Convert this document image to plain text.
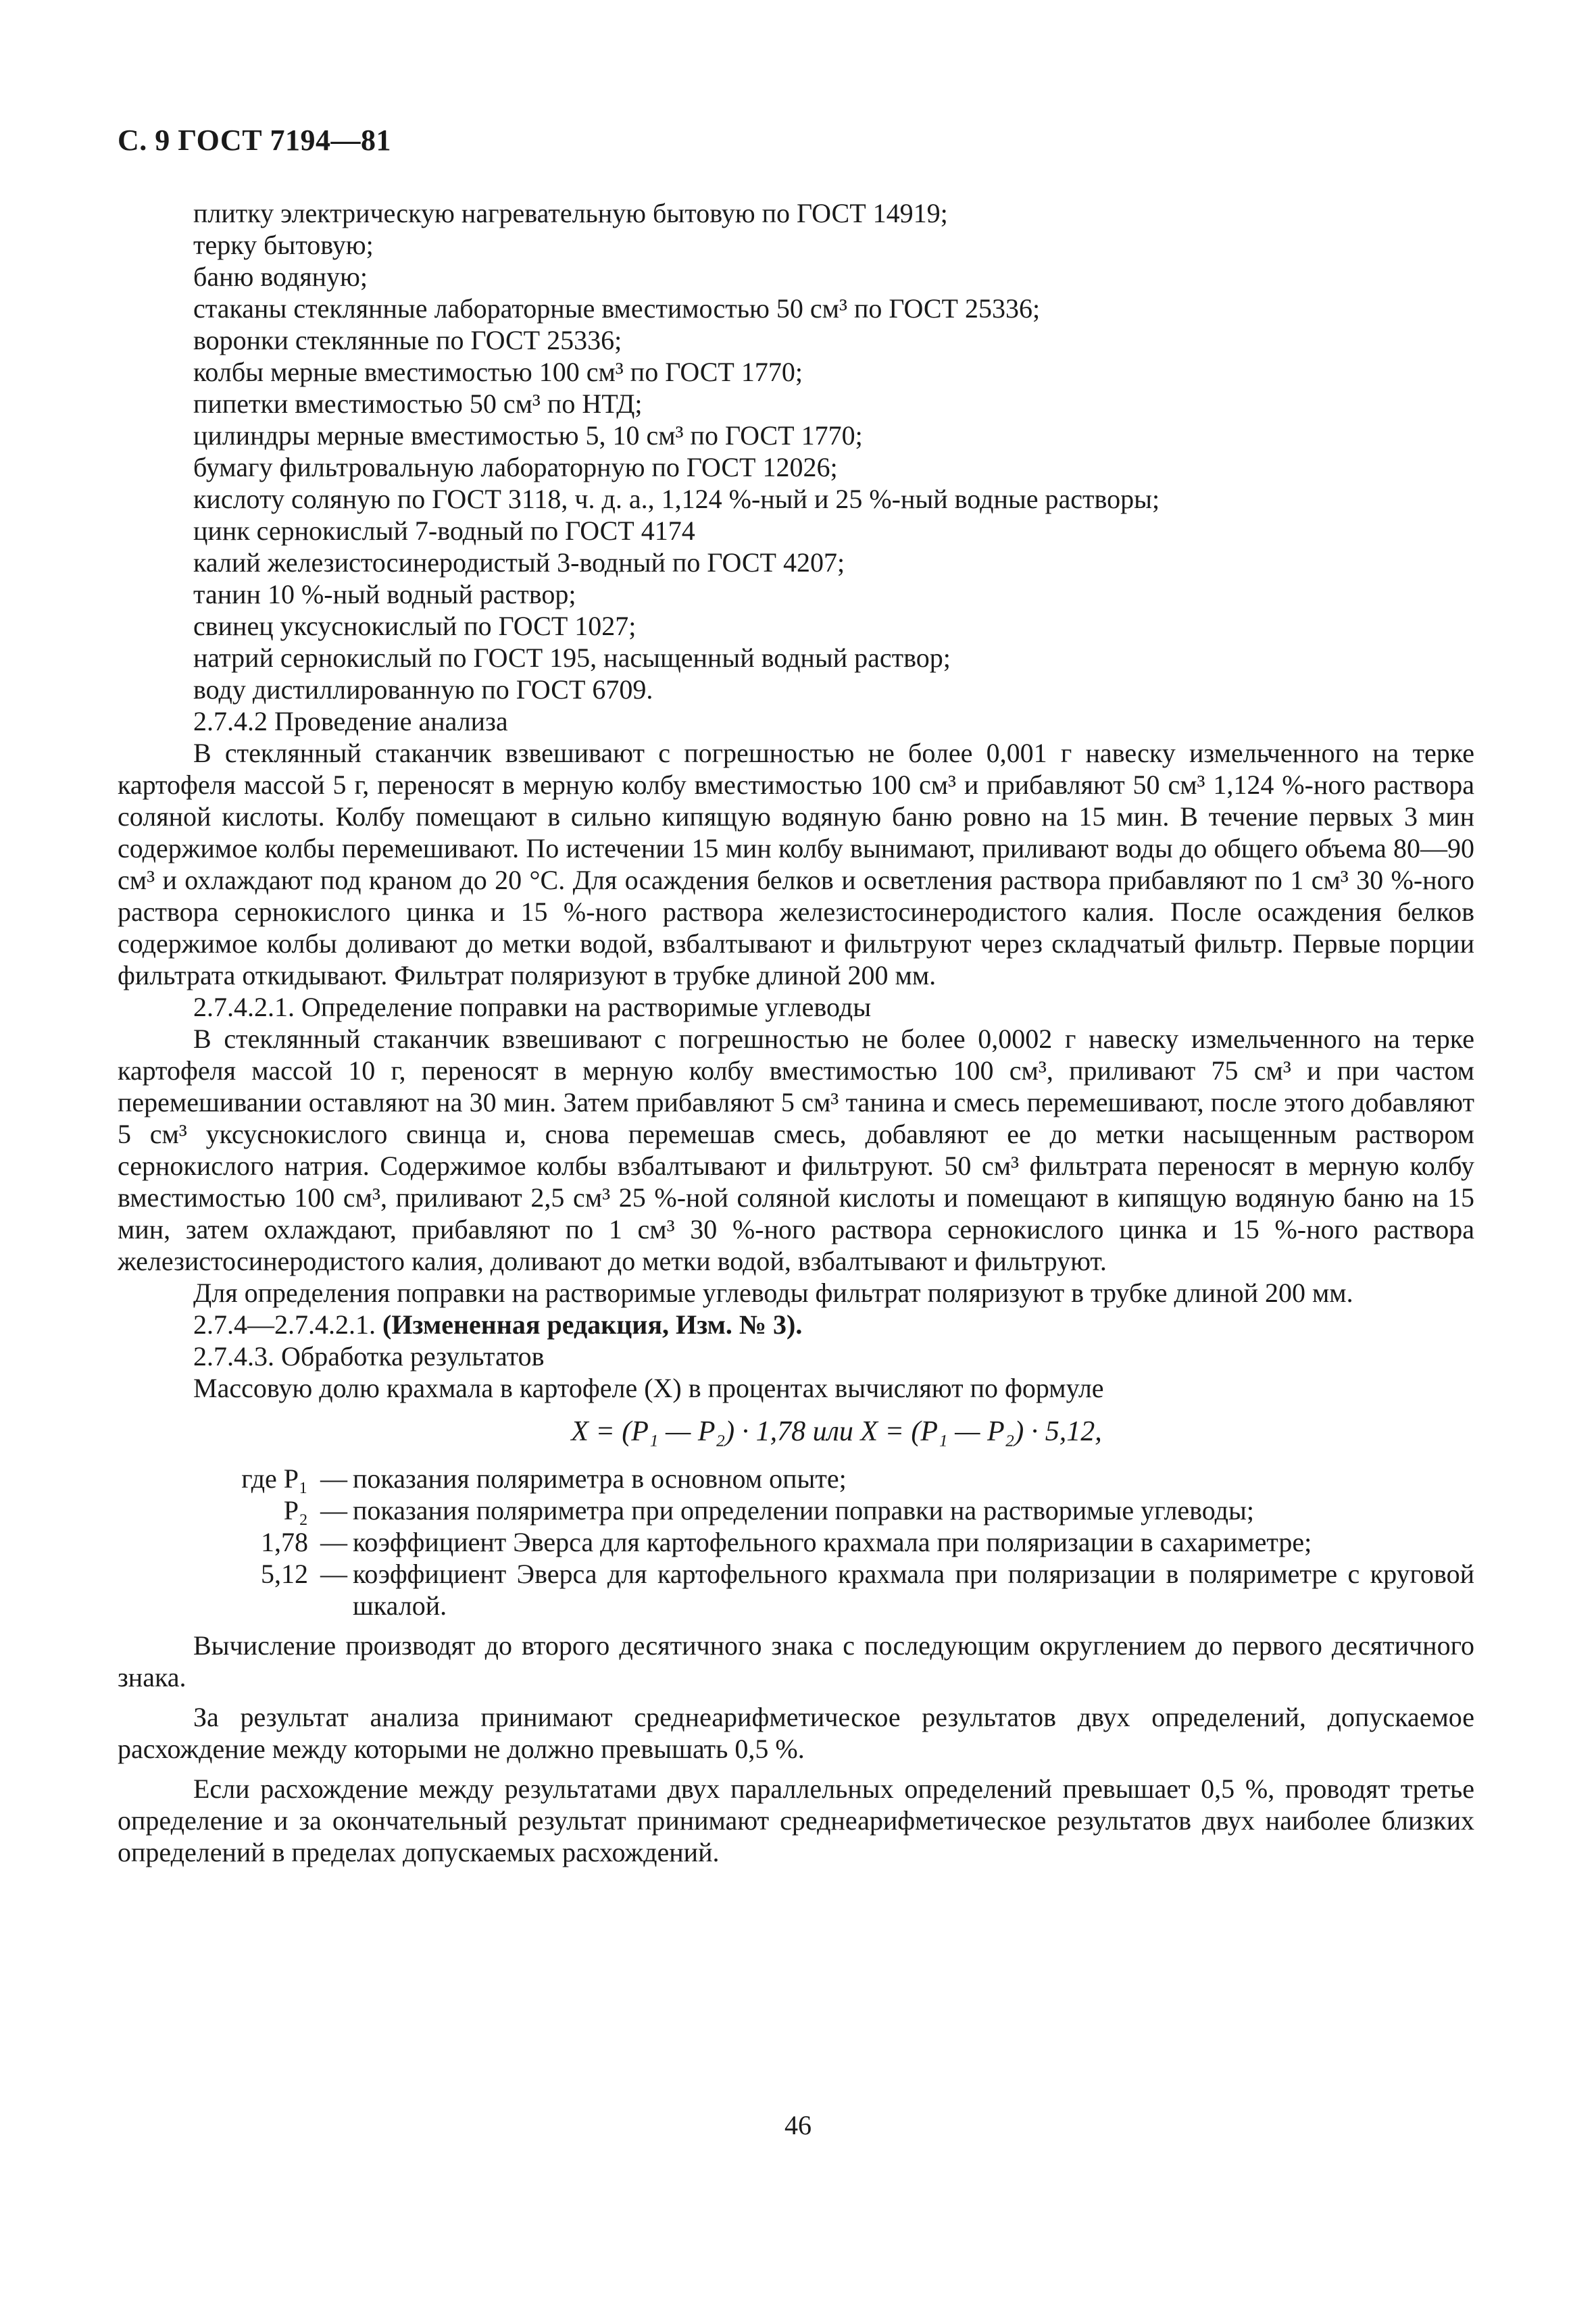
С. 9 ГОСТ 7194—81
плитку электрическую нагревательную бытовую по ГОСТ 14919;
терку бытовую;
баню водяную;
стаканы стеклянные лабораторные вместимостью 50 см³ по ГОСТ 25336;
воронки стеклянные по ГОСТ 25336;
колбы мерные вместимостью 100 см³ по ГОСТ 1770;
пипетки вместимостью 50 см³ по НТД;
цилиндры мерные вместимостью 5, 10 см³ по ГОСТ 1770;
бумагу фильтровальную лабораторную по ГОСТ 12026;
кислоту соляную по ГОСТ 3118, ч. д. а., 1,124 %-ный и 25 %-ный водные растворы;
цинк сернокислый 7-водный по ГОСТ 4174
калий железистосинеродистый 3-водный по ГОСТ 4207;
танин 10 %-ный водный раствор;
свинец уксуснокислый по ГОСТ 1027;
натрий сернокислый по ГОСТ 195, насыщенный водный раствор;
воду дистиллированную по ГОСТ 6709.
2.7.4.2 Проведение анализа
В стеклянный стаканчик взвешивают с погрешностью не более 0,001 г навеску измельченного на терке картофеля массой 5 г, переносят в мерную колбу вместимостью 100 см³ и прибавляют 50 см³ 1,124 %-ного раствора соляной кислоты. Колбу помещают в сильно кипящую водяную баню ровно на 15 мин. В течение первых 3 мин содержимое колбы перемешивают. По истечении 15 мин колбу вынимают, приливают воды до общего объема 80—90 см³ и охлаждают под краном до 20 °С. Для осаждения белков и осветления раствора прибавляют по 1 см³ 30 %-ного раствора сернокислого цинка и 15 %-ного раствора железистосинеродистого калия. После осаждения белков содержимое колбы доливают до метки водой, взбалтывают и фильтруют через складчатый фильтр. Первые порции фильтрата откидывают. Фильтрат поляризуют в трубке длиной 200 мм.
2.7.4.2.1. Определение поправки на растворимые углеводы
В стеклянный стаканчик взвешивают с погрешностью не более 0,0002 г навеску измельченного на терке картофеля массой 10 г, переносят в мерную колбу вместимостью 100 см³, приливают 75 см³ и при частом перемешивании оставляют на 30 мин. Затем прибавляют 5 см³ танина и смесь перемешивают, после этого добавляют 5 см³ уксуснокислого свинца и, снова перемешав смесь, добавляют ее до метки насыщенным раствором сернокислого натрия. Содержимое колбы взбалтывают и фильтруют. 50 см³ фильтрата переносят в мерную колбу вместимостью 100 см³, приливают 2,5 см³ 25 %-ной соляной кислоты и помещают в кипящую водяную баню на 15 мин, затем охлаждают, прибавляют по 1 см³ 30 %-ного раствора сернокислого цинка и 15 %-ного раствора железистосинеродистого калия, доливают до метки водой, взбалтывают и фильтруют.
Для определения поправки на растворимые углеводы фильтрат поляризуют в трубке длиной 200 мм.
2.7.4—2.7.4.2.1. (Измененная редакция, Изм. № 3).
2.7.4.3. Обработка результатов
Массовую долю крахмала в картофеле (X) в процентах вычисляют по формуле
X = (P₁ — P₂) · 1,78 или X = (P₁ — P₂) · 5,12,
где P₁ — показания поляриметра в основном опыте;
P₂ — показания поляриметра при определении поправки на растворимые углеводы;
1,78 — коэффициент Эверса для картофельного крахмала при поляризации в сахариметре;
5,12 — коэффициент Эверса для картофельного крахмала при поляризации в поляриметре с круговой шкалой.
Вычисление производят до второго десятичного знака с последующим округлением до первого десятичного знака.
За результат анализа принимают среднеарифметическое результатов двух определений, допускаемое расхождение между которыми не должно превышать 0,5 %.
Если расхождение между результатами двух параллельных определений превышает 0,5 %, проводят третье определение и за окончательный результат принимают среднеарифметическое результатов двух наиболее близких определений в пределах допускаемых расхождений.
46
